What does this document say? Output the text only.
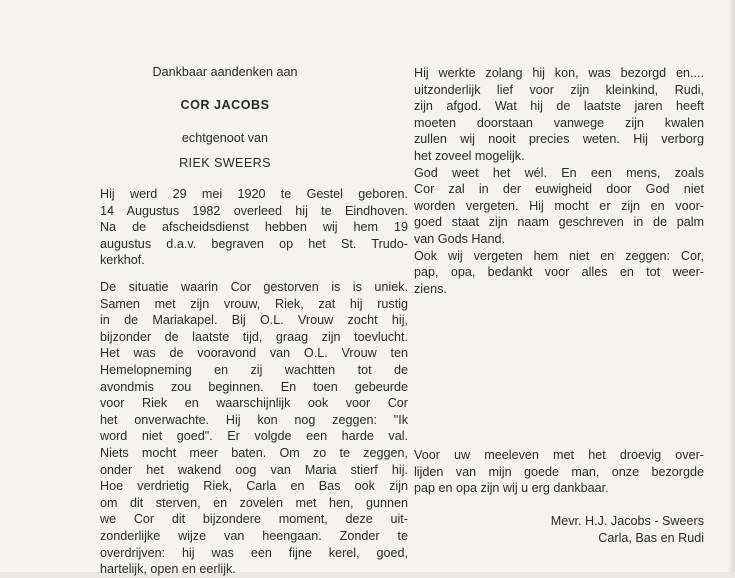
Dankbaar aandenken aan
COR JACOBS
echtgenoot van
RIEK SWEERS
Hij werd 29 mei 1920 te Gestel geboren.
14 Augustus 1982 overleed hij te Eindhoven.
Na de afscheidsdienst hebben wij hem 19
augustus d.a.v. begraven op het St. Trudo-
kerkhof.
De situatie waarin Cor gestorven is is uniek.
Samen met zijn vrouw, Riek, zat hij rustig
in de Mariakapel. Bij O.L. Vrouw zocht hij,
bijzonder de laatste tijd, graag zijn toevlucht.
Het was de vooravond van O.L. Vrouw ten
Hemelopneming en zij wachtten tot de
avondmis zou beginnen. En toen gebeurde
voor Riek en waarschijnlijk ook voor Cor
het onverwachte. Hij kon nog zeggen: "Ik
word niet goed". Er volgde een harde val.
Niets mocht meer baten. Om zo te zeggen,
onder het wakend oog van Maria stierf hij.
Hoe verdrietig Riek, Carla en Bas ook zijn
om dit sterven, en zovelen met hen, gunnen
we Cor dit bijzondere moment, deze uit-
zonderlijke wijze van heengaan. Zonder te
overdrijven: hij was een fijne kerel, goed,
hartelijk, open en eerlijk.
Hij werkte zolang hij kon, was bezorgd en....
uitzonderlijk lief voor zijn kleinkind, Rudi,
zijn afgod. Wat hij de laatste jaren heeft
moeten doorstaan vanwege zijn kwalen
zullen wij nooit precies weten. Hij verborg
het zoveel mogelijk.
God weet het wél. En een mens, zoals
Cor zal in der euwigheid door God niet
worden vergeten. Hij mocht er zijn en voor-
goed staat zijn naam geschreven in de palm
van Gods Hand.
Ook wij vergeten hem niet en zeggen: Cor,
pap, opa, bedankt voor alles en tot weer-
ziens.
Voor uw meeleven met het droevig over-
lijden van mijn goede man, onze bezorgde
pap en opa zijn wij u erg dankbaar.
Mevr. H.J. Jacobs - Sweers
Carla, Bas en Rudi
